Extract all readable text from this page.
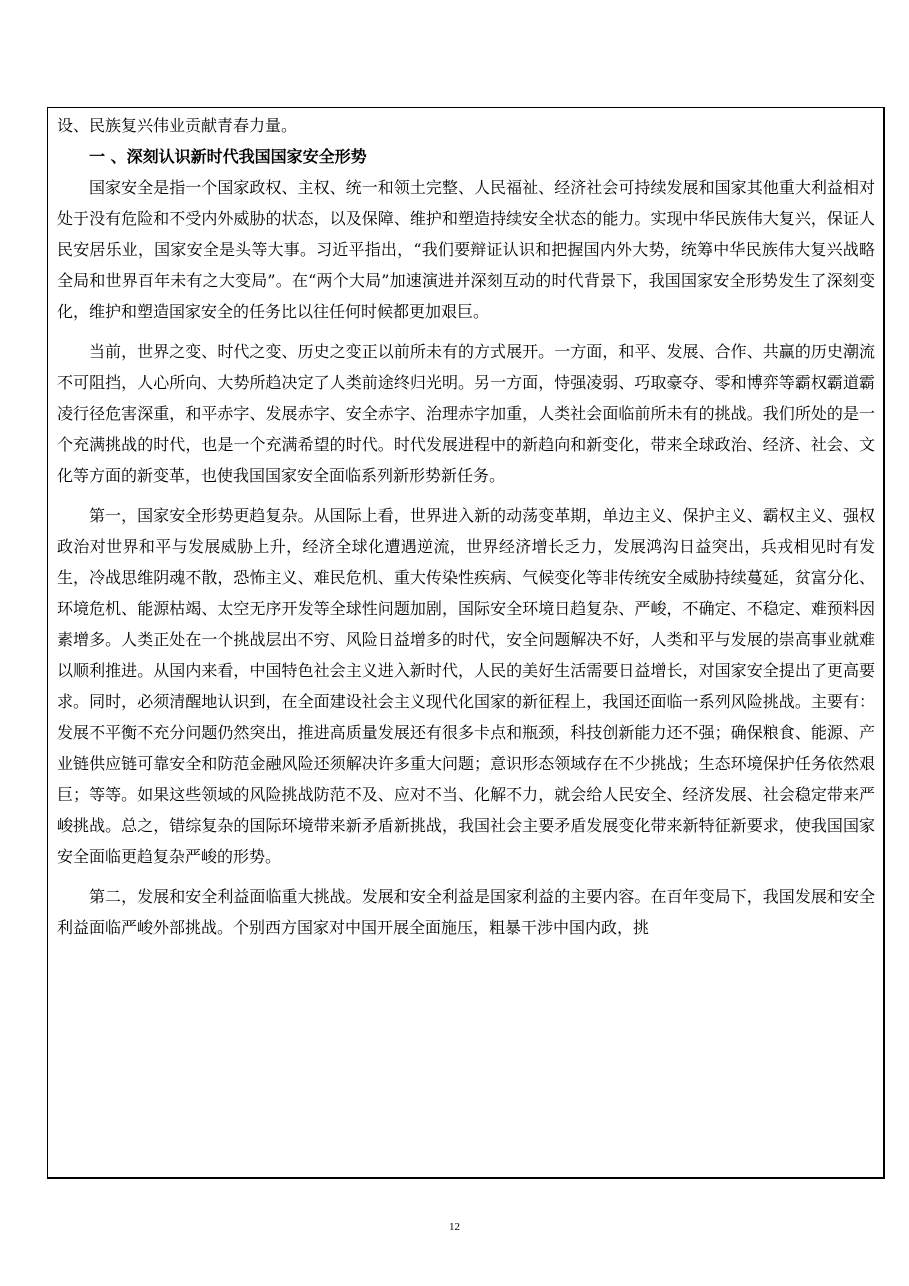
设、民族复兴伟业贡献青春力量。

一 、深刻认识新时代我国国家安全形势

国家安全是指一个国家政权、主权、统一和领土完整、人民福祉、经济社会可持续发展和国家其他重大利益相对处于没有危险和不受内外威胁的状态，以及保障、维护和塑造持续安全状态的能力。实现中华民族伟大复兴，保证人民安居乐业，国家安全是头等大事。习近平指出，“我们要辩证认识和把握国内外大势，统筹中华民族伟大复兴战略全局和世界百年未有之大变局”。在“两个大局”加速演进并深刻互动的时代背景下，我国国家安全形势发生了深刻变化，维护和塑造国家安全的任务比以往任何时候都更加艰巨。

当前，世界之变、时代之变、历史之变正以前所未有的方式展开。一方面，和平、发展、合作、共赢的历史潮流不可阻挡，人心所向、大势所趋决定了人类前途终归光明。另一方面，恃强凌弱、巧取豪夺、零和博弈等霸权霸道霸凌行径危害深重，和平赤字、发展赤字、安全赤字、治理赤字加重，人类社会面临前所未有的挑战。我们所处的是一个充满挑战的时代，也是一个充满希望的时代。时代发展进程中的新趋向和新变化，带来全球政治、经济、社会、文化等方面的新变革，也使我国国家安全面临系列新形势新任务。

第一，国家安全形势更趋复杂。从国际上看，世界进入新的动荡变革期，单边主义、保护主义、霸权主义、强权政治对世界和平与发展威胁上升，经济全球化遭遇逆流，世界经济增长乏力，发展鸿沟日益突出，兵戎相见时有发生，冷战思维阴魂不散，恐怖主义、难民危机、重大传染性疾病、气候变化等非传统安全威胁持续蔓延，贫富分化、环境危机、能源枯竭、太空无序开发等全球性问题加剧，国际安全环境日趋复杂、严峻，不确定、不稳定、难预料因素增多。人类正处在一个挑战层出不穷、风险日益增多的时代，安全问题解决不好，人类和平与发展的崇高事业就难以顺利推进。从国内来看，中国特色社会主义进入新时代，人民的美好生活需要日益增长，对国家安全提出了更高要求。同时，必须清醒地认识到，在全面建设社会主义现代化国家的新征程上，我国还面临一系列风险挑战。主要有：发展不平衡不充分问题仍然突出，推进高质量发展还有很多卡点和瓶颈，科技创新能力还不强；确保粮食、能源、产业链供应链可靠安全和防范金融风险还须解决许多重大问题；意识形态领域存在不少挑战；生态环境保护任务依然艰巨；等等。如果这些领域的风险挑战防范不及、应对不当、化解不力，就会给人民安全、经济发展、社会稳定带来严峻挑战。总之，错综复杂的国际环境带来新矛盾新挑战，我国社会主要矛盾发展变化带来新特征新要求，使我国国家安全面临更趋复杂严峻的形势。

第二，发展和安全利益面临重大挑战。发展和安全利益是国家利益的主要内容。在百年变局下，我国发展和安全利益面临严峻外部挑战。个别西方国家对中国开展全面施压，粗暴干涉中国内政，挑

12
